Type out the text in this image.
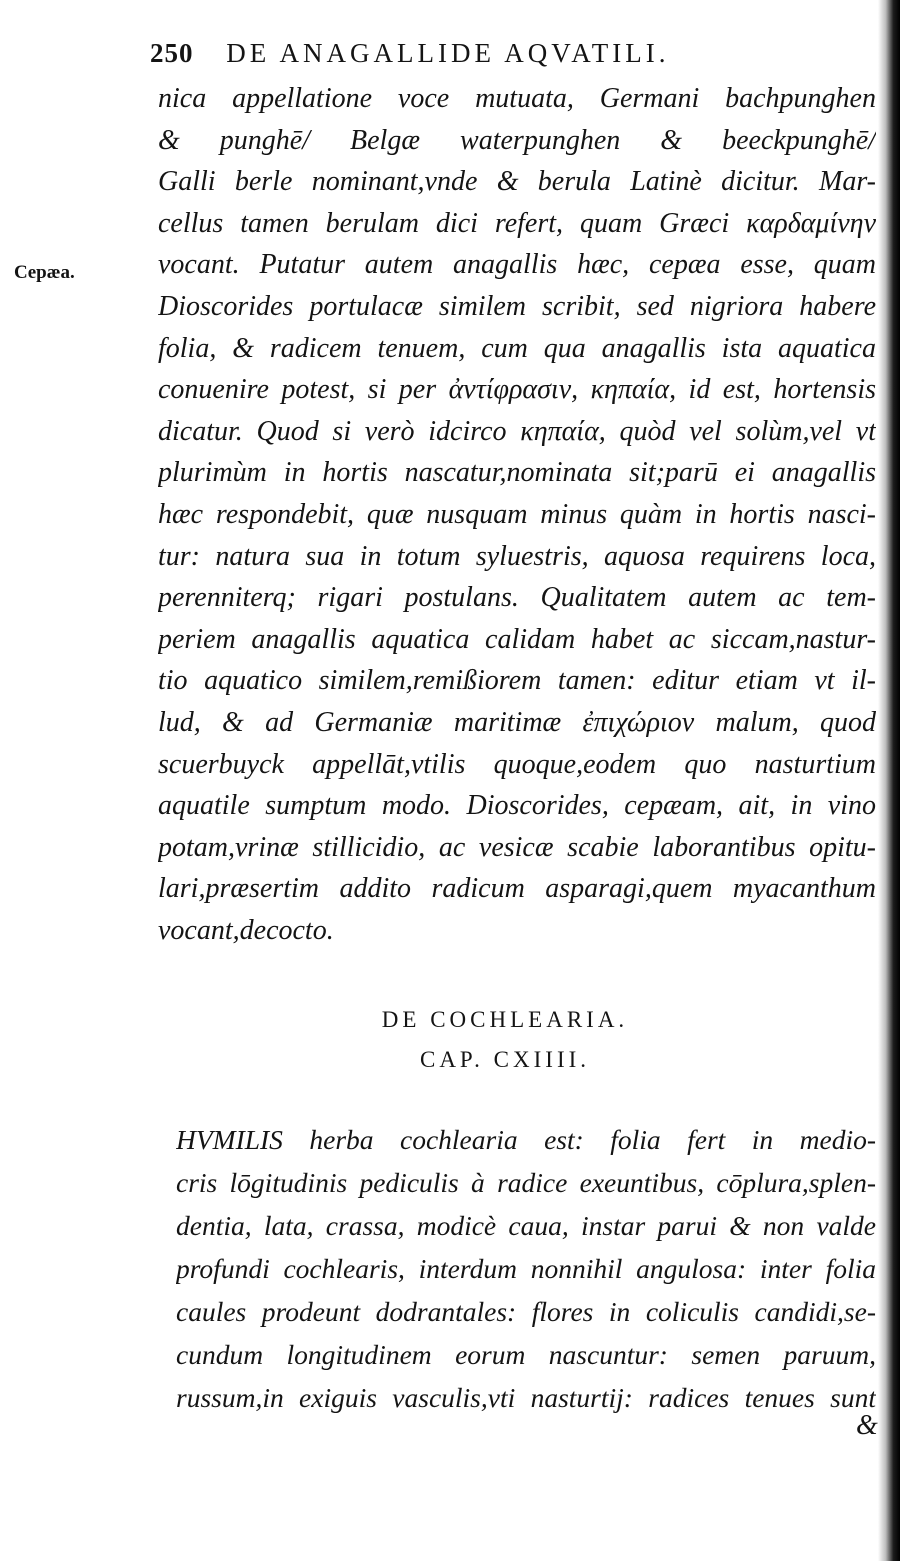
250 DE ANAGALLIDE AQVATILI.
Cepæa.
nica appellatione voce mutuata, Germani bachpunghen
& punghē/ Belgæ waterpunghen & beeckpunghē/
Galli berle nominant,vnde & berula Latinè dicitur. Mar-
cellus tamen berulam dici refert, quam Græci καρδαμίνην
vocant. Putatur autem anagallis hæc, cepæa esse, quam
Dioscorides portulacæ similem scribit, sed nigriora habere
folia, & radicem tenuem, cum qua anagallis ista aquatica
conuenire potest, si per ἀντίφρασιν, κηπαία, id est, hortensis
dicatur. Quod si verò idcirco κηπαία, quòd vel solùm,vel vt
plurimùm in hortis nascatur,nominata sit;parū ei anagallis
hæc respondebit, quæ nusquam minus quàm in hortis nasci-
tur: natura sua in totum syluestris, aquosa requirens loca,
perenniterq; rigari postulans. Qualitatem autem ac tem-
periem anagallis aquatica calidam habet ac siccam,nastur-
tio aquatico similem,remißiorem tamen: editur etiam vt il-
lud, & ad Germaniæ maritimæ ἐπιχώριον malum, quod
scuerbuyck appellāt,vtilis quoque,eodem quo nasturtium
aquatile sumptum modo. Dioscorides, cepæam, ait, in vino
potam,vrinæ stillicidio, ac vesicæ scabie laborantibus opitu-
lari,præsertim addito radicum asparagi,quem myacanthum
vocant,decocto.
DE COCHLEARIA.
CAP. CXIIII.
HVMILIS herba cochlearia est: folia fert in medio-
cris lōgitudinis pediculis à radice exeuntibus, cōplura,splen-
dentia, lata, crassa, modicè caua, instar parui & non valde
profundi cochlearis, interdum nonnihil angulosa: inter folia
caules prodeunt dodrantales: flores in coliculis candidi,se-
cundum longitudinem eorum nascuntur: semen paruum,
russum,in exiguis vasculis,vti nasturtij: radices tenues sunt
&
